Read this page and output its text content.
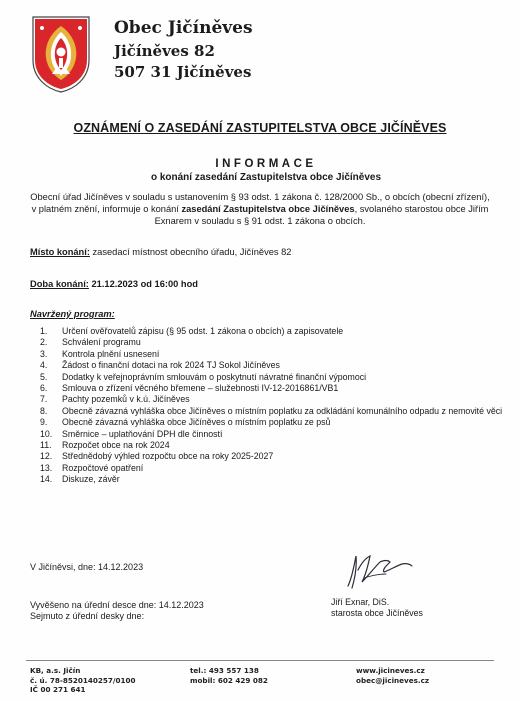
Obec Jičíněves
Jičíněves 82
507 31 Jičíněves
OZNÁMENÍ O ZASEDÁNÍ ZASTUPITELSTVA OBCE JIČÍNĚVES
INFORMACE
o konání zasedání Zastupitelstva obce Jičíněves
Obecní úřad Jičíněves v souladu s ustanovením § 93 odst. 1 zákona č. 128/2000 Sb., o obcích (obecní zřízení), v platném znění, informuje o konání zasedání Zastupitelstva obce Jičíněves, svolaného starostou obce Jiřím Exnarem v souladu s § 91 odst. 1 zákona o obcích.
Místo konání: zasedací místnost obecního úřadu, Jičíněves 82
Doba konání: 21.12.2023 od 16:00 hod
Navržený program:
1. Určení ověřovatelů zápisu (§ 95 odst. 1 zákona o obcích) a zapisovatele
2. Schválení programu
3. Kontrola plnění usnesení
4. Žádost o finanční dotaci na rok 2024 TJ Sokol Jičíněves
5. Dodatky k veřejnoprávním smlouvám o poskytnutí návratné finanční výpomoci
6. Smlouva o zřízení věcného břemene – služebnosti IV-12-2016861/VB1
7. Pachty pozemků v k.ú. Jičíněves
8. Obecně závazná vyhláška obce Jičíněves o místním poplatku za odkládání komunálního odpadu z nemovité věci
9. Obecně závazná vyhláška obce Jičíněves o místním poplatku ze psů
10. Směrnice – uplatňování DPH dle činností
11. Rozpočet obce na rok 2024
12. Střednědobý výhled rozpočtu obce na roky 2025-2027
13. Rozpočtové opatření
14. Diskuze, závěr
Jiří Exnar, DiS.
starosta obce Jičíněves
V Jičíněvsi, dne: 14.12.2023
Vyvěšeno na úřední desce dne: 14.12.2023
Sejmuto z úřední desky dne:
KB, a.s. Jičín
č. ú. 78-8520140257/0100
IČ 00 271 641
tel.: 493 557 138
mobil: 602 429 082
www.jicineves.cz
obec@jicineves.cz
